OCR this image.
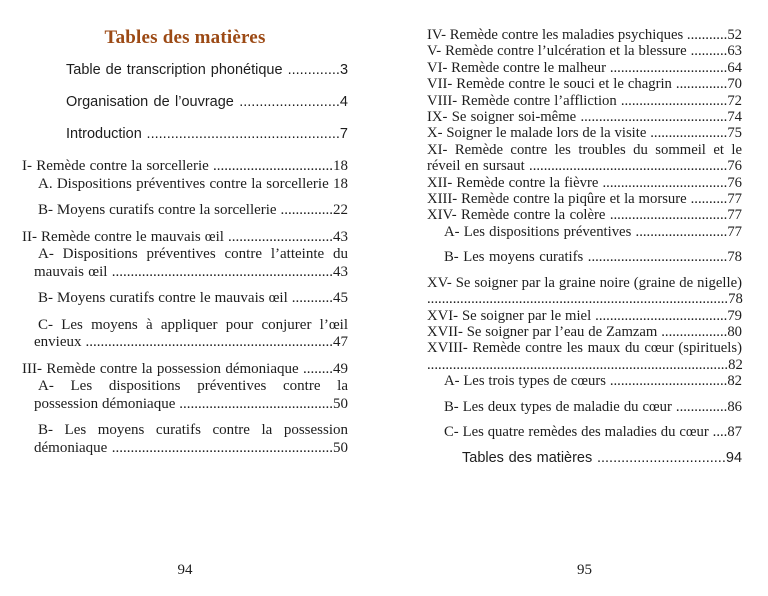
Tables des matières

Table de transcription phonétique .............3

Organisation de l’ouvrage .........................4

Introduction ................................................7

I- Remède contre la sorcellerie ................................18

A. Dispositions préventives contre la sorcellerie 18

B- Moyens curatifs contre la sorcellerie ..............22

II- Remède contre le mauvais œil ............................43

A- Dispositions préventives contre l’atteinte du mauvais œil ...........................................................43

B- Moyens curatifs contre le mauvais œil ...........45

C- Les moyens à appliquer pour conjurer l’œil envieux ..................................................................47

III- Remède contre la possession démoniaque ........49

A- Les dispositions préventives contre la possession démoniaque .........................................50

B- Les moyens curatifs contre la possession démoniaque ...........................................................50

94

IV- Remède contre les maladies psychiques ...........52

V- Remède contre l’ulcération et la blessure ..........63

VI- Remède contre le malheur ................................64

VII- Remède contre le souci et le chagrin ..............70

VIII- Remède contre l’affliction .............................72

IX- Se soigner soi-même ........................................74

X- Soigner le malade lors de la visite .....................75

XI- Remède contre les troubles du sommeil et le réveil en sursaut ......................................................76

XII- Remède contre la fièvre ..................................76

XIII- Remède contre la piqûre et la morsure ..........77

XIV- Remède contre la colère ................................77

A- Les dispositions préventives .........................77

B- Les moyens curatifs ......................................78

XV- Se soigner par la graine noire (graine de nigelle) ..................................................................................78

XVI- Se soigner par le miel ....................................79

XVII- Se soigner par l’eau de Zamzam ..................80

XVIII- Remède contre les maux du cœur (spirituels) ..................................................................................82

A- Les trois types de cœurs ................................82

B- Les deux types de maladie du cœur ..............86

C- Les quatre remèdes des maladies du cœur ....87

Tables des matières ................................94

95
